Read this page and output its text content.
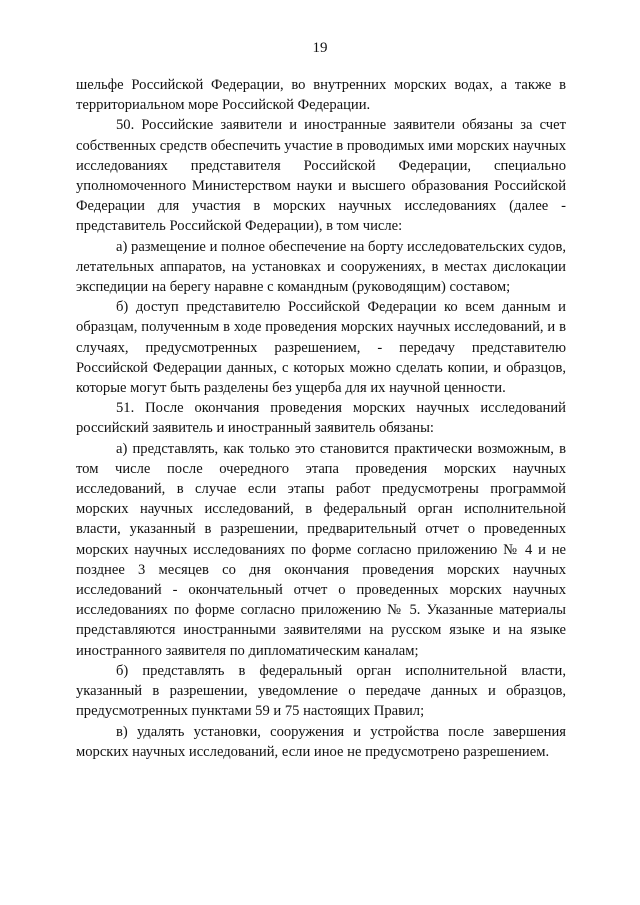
19

шельфе Российской Федерации, во внутренних морских водах, а также в территориальном море Российской Федерации.

50. Российские заявители и иностранные заявители обязаны за счет собственных средств обеспечить участие в проводимых ими морских научных исследованиях представителя Российской Федерации, специально уполномоченного Министерством науки и высшего образования Российской Федерации для участия в морских научных исследованиях (далее - представитель Российской Федерации), в том числе:

а) размещение и полное обеспечение на борту исследовательских судов, летательных аппаратов, на установках и сооружениях, в местах дислокации экспедиции на берегу наравне с командным (руководящим) составом;

б) доступ представителю Российской Федерации ко всем данным и образцам, полученным в ходе проведения морских научных исследований, и в случаях, предусмотренных разрешением, - передачу представителю Российской Федерации данных, с которых можно сделать копии, и образцов, которые могут быть разделены без ущерба для их научной ценности.

51. После окончания проведения морских научных исследований российский заявитель и иностранный заявитель обязаны:

а) представлять, как только это становится практически возможным, в том числе после очередного этапа проведения морских научных исследований, в случае если этапы работ предусмотрены программой морских научных исследований, в федеральный орган исполнительной власти, указанный в разрешении, предварительный отчет о проведенных морских научных исследованиях по форме согласно приложению № 4 и не позднее 3 месяцев со дня окончания проведения морских научных исследований - окончательный отчет о проведенных морских научных исследованиях по форме согласно приложению № 5. Указанные материалы представляются иностранными заявителями на русском языке и на языке иностранного заявителя по дипломатическим каналам;

б) представлять в федеральный орган исполнительной власти, указанный в разрешении, уведомление о передаче данных и образцов, предусмотренных пунктами 59 и 75 настоящих Правил;

в) удалять установки, сооружения и устройства после завершения морских научных исследований, если иное не предусмотрено разрешением.
